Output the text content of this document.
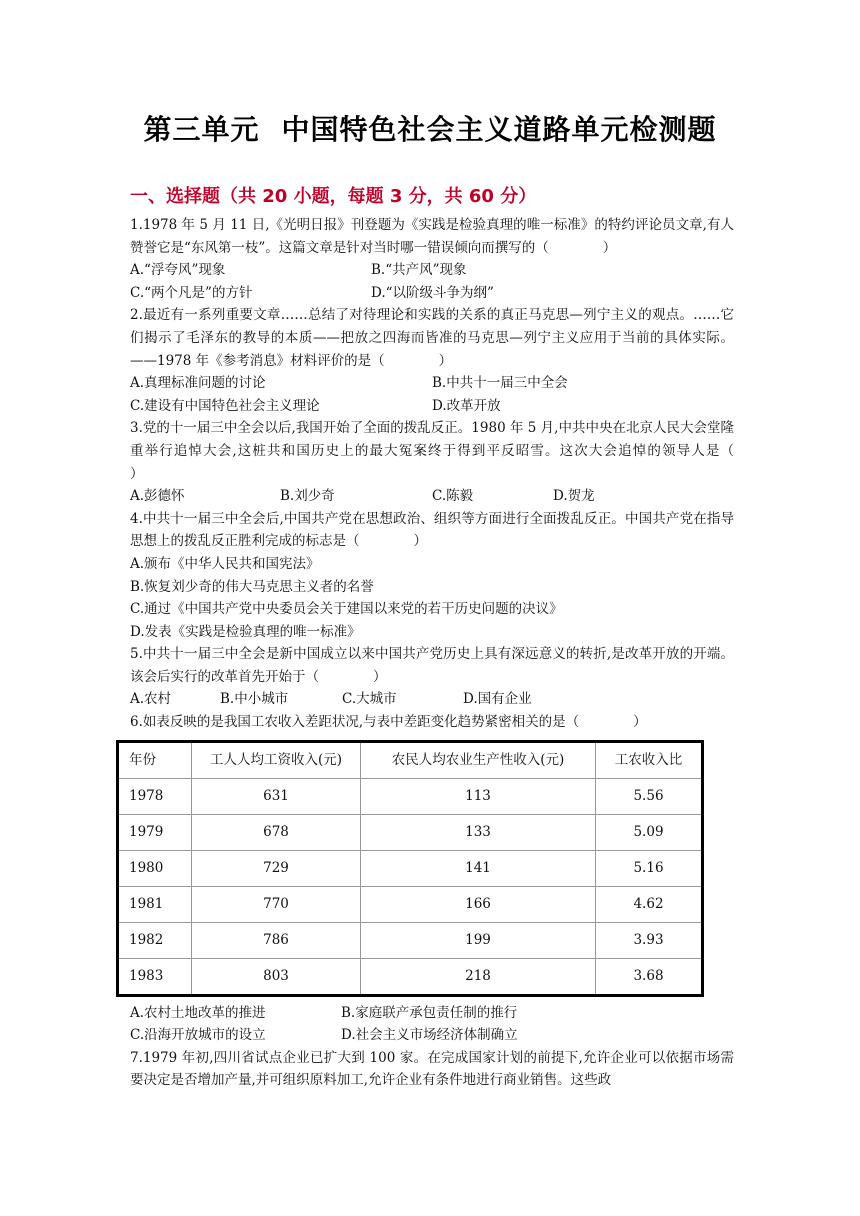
第三单元 中国特色社会主义道路单元检测题
一、选择题（共 20 小题，每题 3 分，共 60 分）
1.1978 年 5 月 11 日,《光明日报》刊登题为《实践是检验真理的唯一标准》的特约评论员文章,有人赞誉它是“东风第一枝”。这篇文章是针对当时哪一错误倾向而撰写的（　　　　）
A.“浮夸风”现象	B.“共产风”现象
C.“两个凡是”的方针	D.“以阶级斗争为纲”
2.最近有一系列重要文章……总结了对待理论和实践的关系的真正马克思—列宁主义的观点。……它们揭示了毛泽东的教导的本质——把放之四海而皆准的马克思—列宁主义应用于当前的具体实际。——1978 年《参考消息》材料评价的是（　　　　）
A.真理标准问题的讨论	B.中共十一届三中全会
C.建设有中国特色社会主义理论	D.改革开放
3.党的十一届三中全会以后,我国开始了全面的拨乱反正。1980 年 5 月,中共中央在北京人民大会堂隆重举行追悼大会,这桩共和国历史上的最大冤案终于得到平反昭雪。这次大会追悼的领导人是（　　　　）
A.彭德怀	B.刘少奇	C.陈毅	D.贺龙
4.中共十一届三中全会后,中国共产党在思想政治、组织等方面进行全面拨乱反正。中国共产党在指导思想上的拨乱反正胜利完成的标志是（　　　　）
A.颁布《中华人民共和国宪法》
B.恢复刘少奇的伟大马克思主义者的名誉
C.通过《中国共产党中央委员会关于建国以来党的若干历史问题的决议》
D.发表《实践是检验真理的唯一标准》
5.中共十一届三中全会是新中国成立以来中国共产党历史上具有深远意义的转折,是改革开放的开端。该会后实行的改革首先开始于（　　　　）
A.农村	B.中小城市	C.大城市	D.国有企业
6.如表反映的是我国工农收入差距状况,与表中差距变化趋势紧密相关的是（　　　　）
年份	工人人均工资收入(元)	农民人均农业生产性收入(元)	工农收入比
1978	631	113	5.56
1979	678	133	5.09
1980	729	141	5.16
1981	770	166	4.62
1982	786	199	3.93
1983	803	218	3.68
A.农村土地改革的推进	B.家庭联产承包责任制的推行
C.沿海开放城市的设立	D.社会主义市场经济体制确立
7.1979 年初,四川省试点企业已扩大到 100 家。在完成国家计划的前提下,允许企业可以依据市场需要决定是否增加产量,并可组织原料加工,允许企业有条件地进行商业销售。这些政
